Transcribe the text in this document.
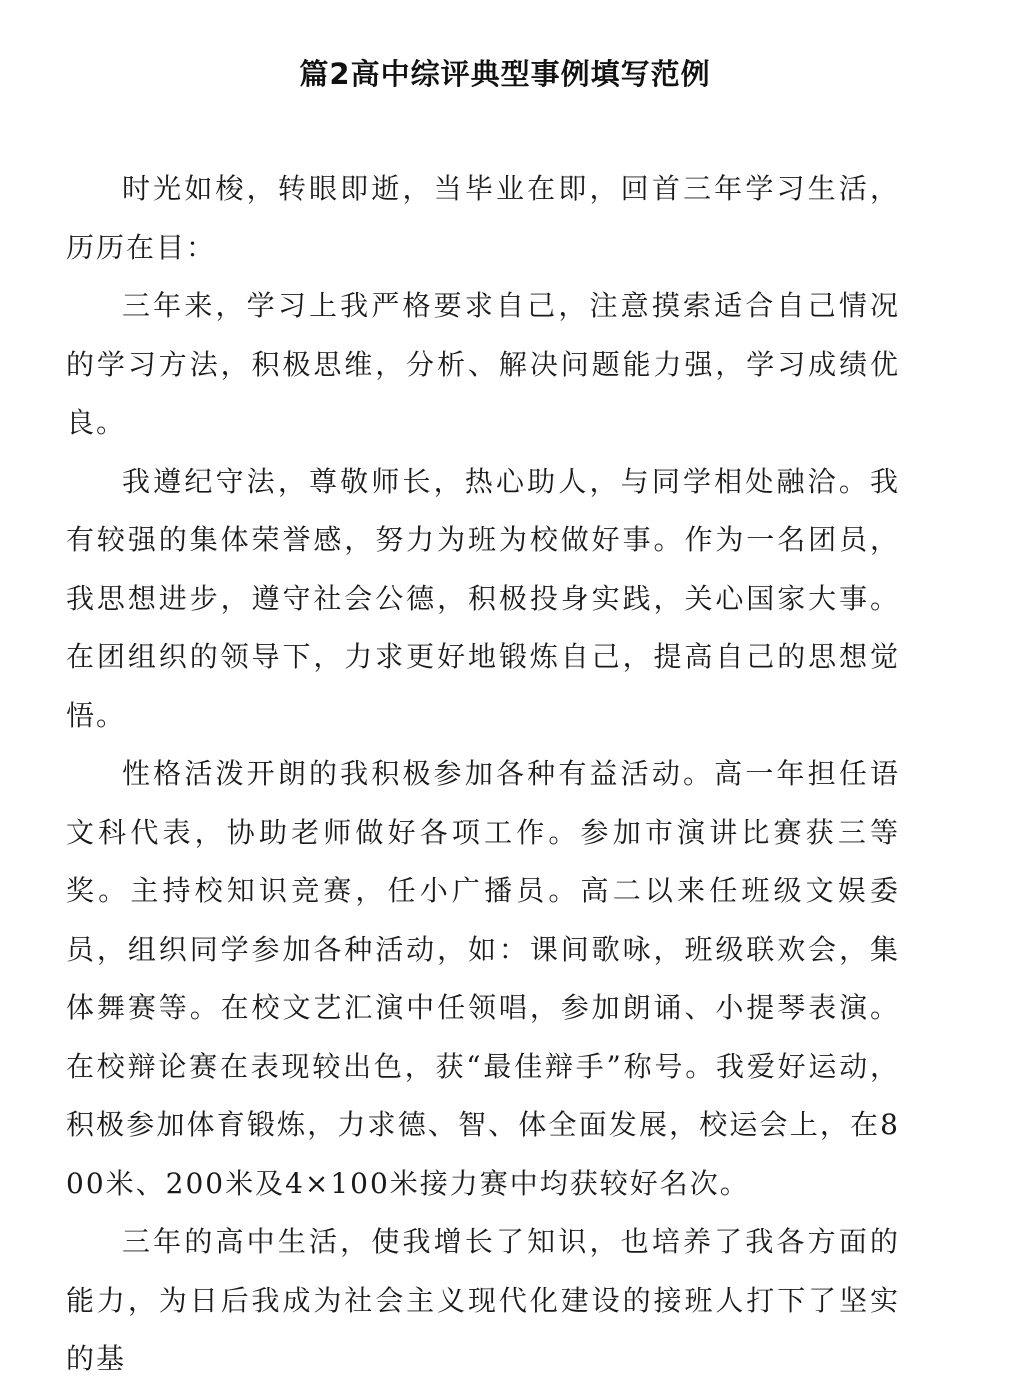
篇2高中综评典型事例填写范例

时光如梭，转眼即逝，当毕业在即，回首三年学习生活，历历在目：

三年来，学习上我严格要求自己，注意摸索适合自己情况的学习方法，积极思维，分析、解决问题能力强，学习成绩优良。

我遵纪守法，尊敬师长，热心助人，与同学相处融洽。我有较强的集体荣誉感，努力为班为校做好事。作为一名团员，我思想进步，遵守社会公德，积极投身实践，关心国家大事。在团组织的领导下，力求更好地锻炼自己，提高自己的思想觉悟。

性格活泼开朗的我积极参加各种有益活动。高一年担任语文科代表，协助老师做好各项工作。参加市演讲比赛获三等奖。主持校知识竞赛，任小广播员。高二以来任班级文娱委员，组织同学参加各种活动，如：课间歌咏，班级联欢会，集体舞赛等。在校文艺汇演中任领唱，参加朗诵、小提琴表演。在校辩论赛在表现较出色，获“最佳辩手”称号。我爱好运动，积极参加体育锻炼，力求德、智、体全面发展，校运会上，在800米、200米及4×100米接力赛中均获较好名次。

三年的高中生活，使我增长了知识，也培养了我各方面的能力，为日后我成为社会主义现代化建设的接班人打下了坚实的基
